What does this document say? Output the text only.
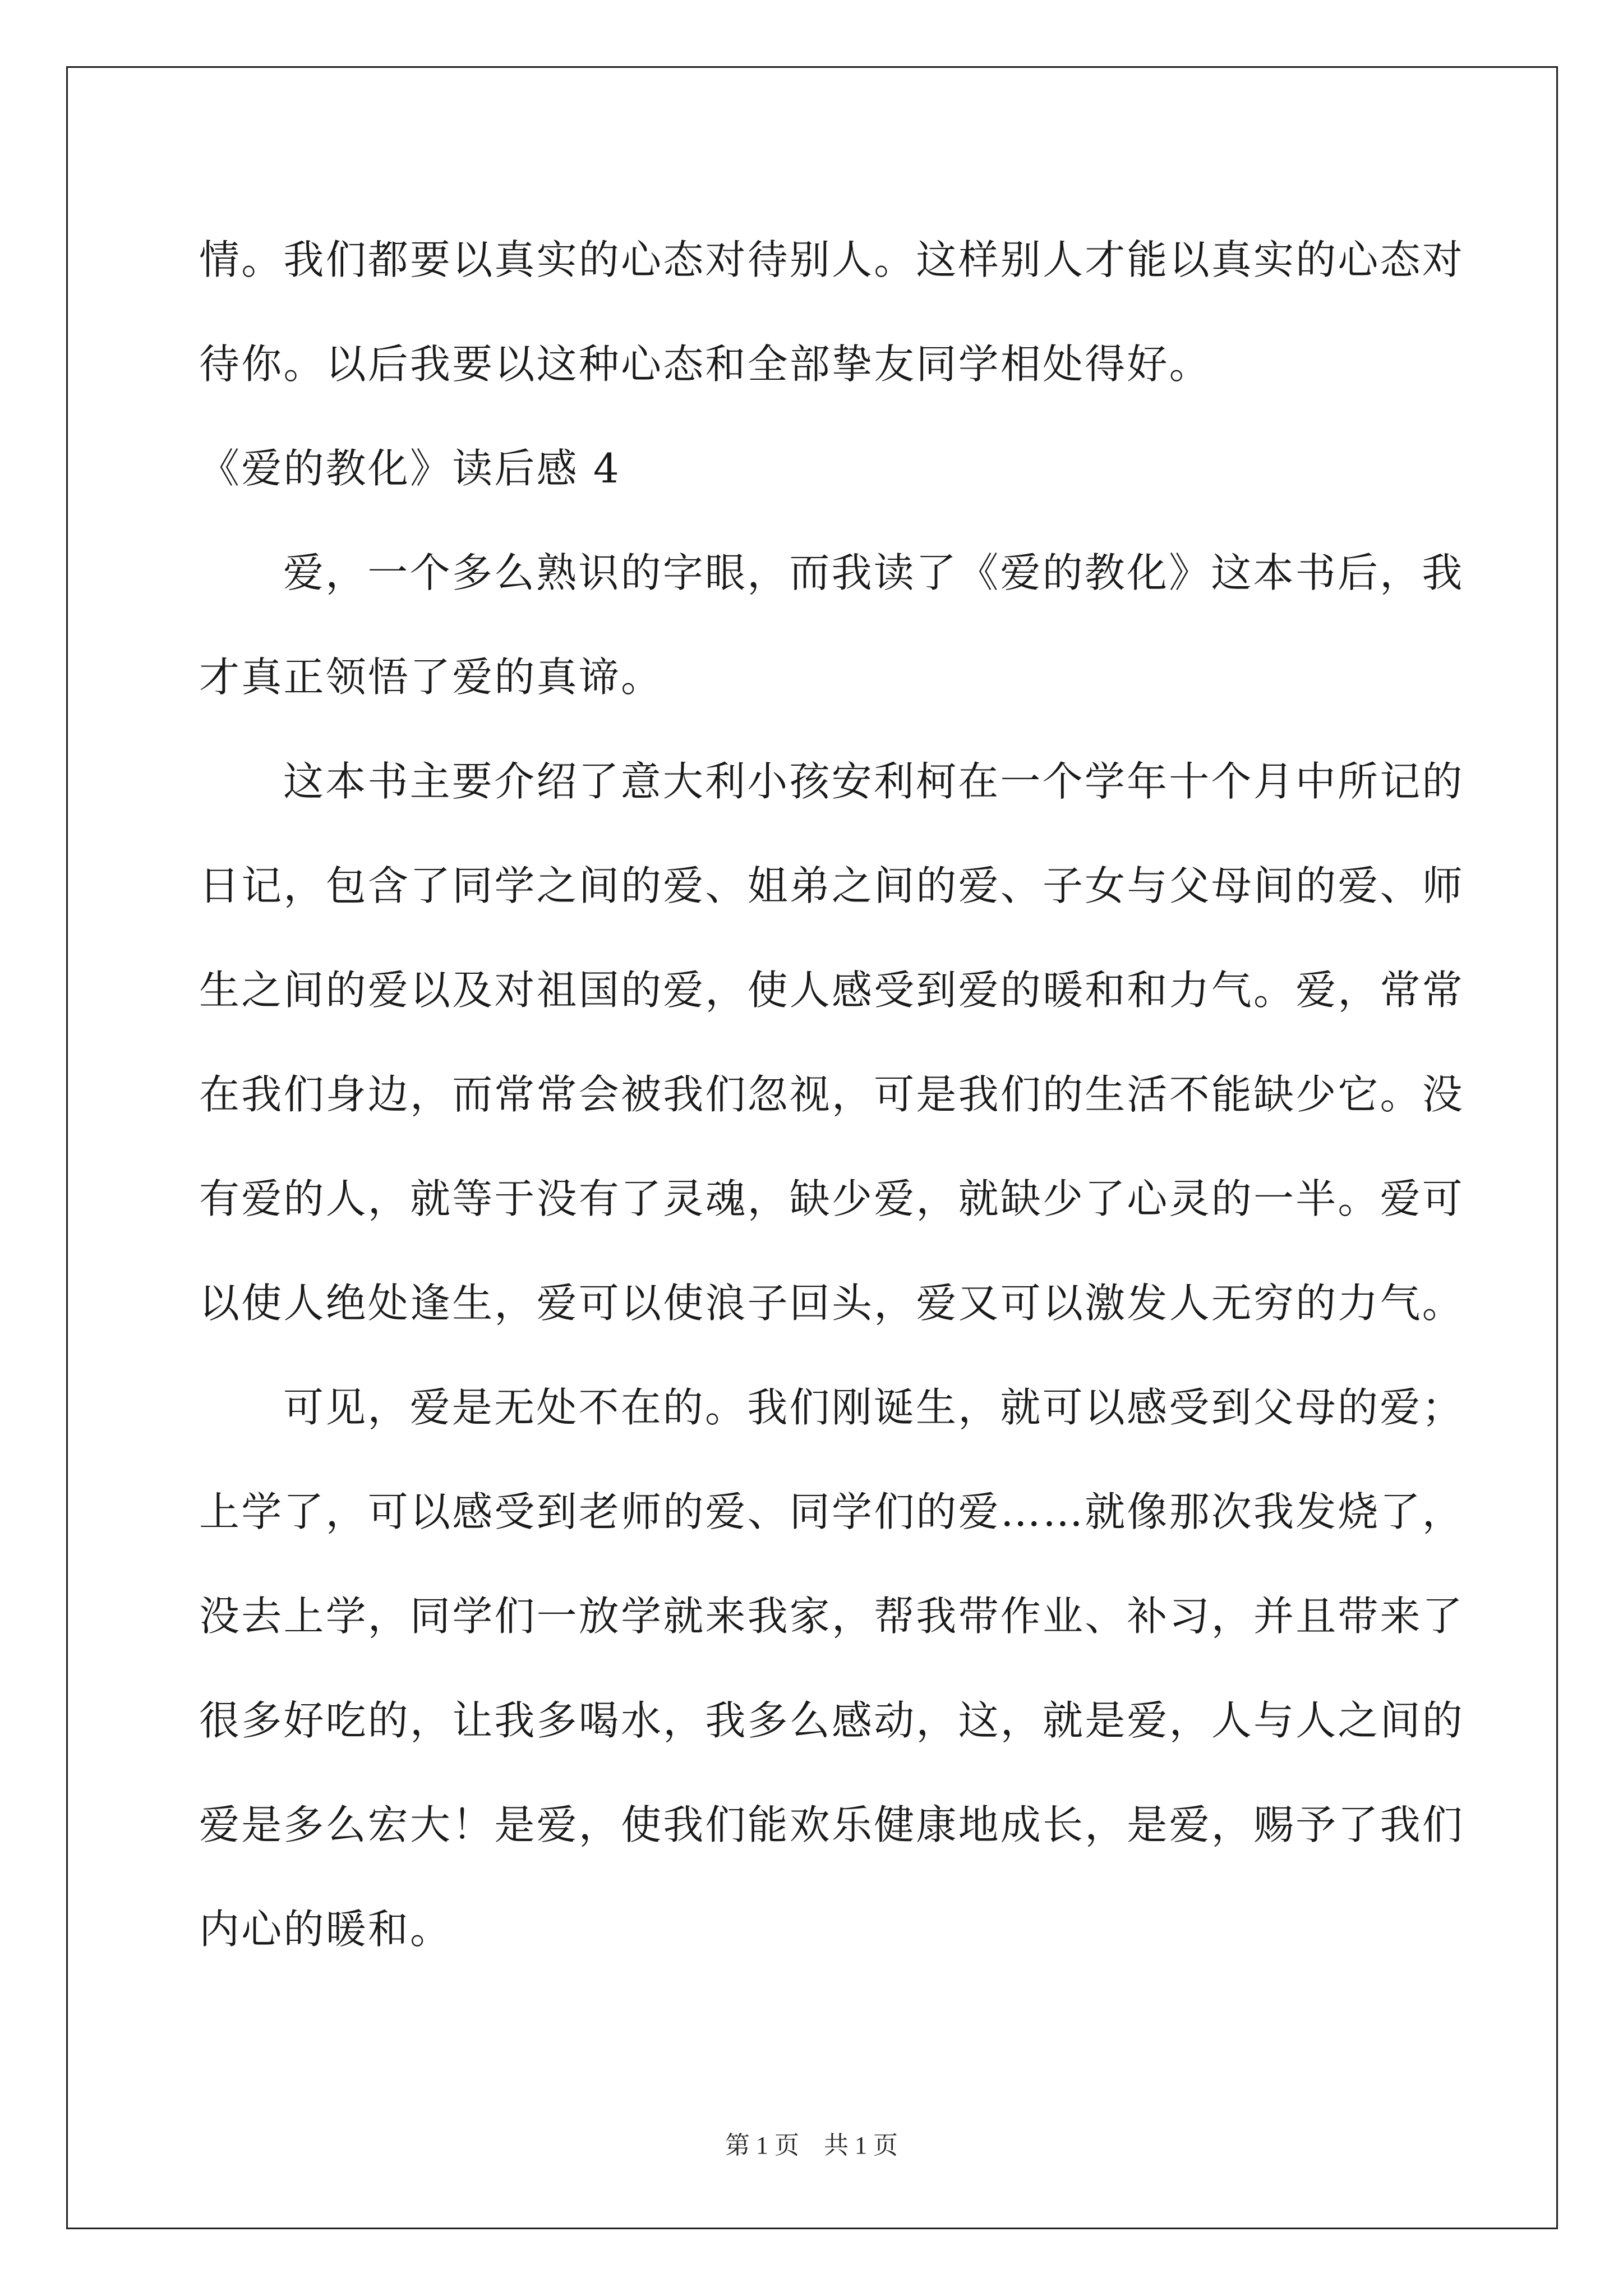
情。我们都要以真实的心态对待别人。这样别人才能以真实的心态对
待你。以后我要以这种心态和全部挚友同学相处得好。
《爱的教化》读后感 4
爱，一个多么熟识的字眼，而我读了《爱的教化》这本书后，我
才真正领悟了爱的真谛。
这本书主要介绍了意大利小孩安利柯在一个学年十个月中所记的
日记，包含了同学之间的爱、姐弟之间的爱、子女与父母间的爱、师
生之间的爱以及对祖国的爱，使人感受到爱的暖和和力气。爱，常常
在我们身边，而常常会被我们忽视，可是我们的生活不能缺少它。没
有爱的人，就等于没有了灵魂，缺少爱，就缺少了心灵的一半。爱可
以使人绝处逢生，爱可以使浪子回头，爱又可以激发人无穷的力气。
可见，爱是无处不在的。我们刚诞生，就可以感受到父母的爱；
上学了，可以感受到老师的爱、同学们的爱……就像那次我发烧了，
没去上学，同学们一放学就来我家，帮我带作业、补习，并且带来了
很多好吃的，让我多喝水，我多么感动，这，就是爱，人与人之间的
爱是多么宏大！是爱，使我们能欢乐健康地成长，是爱，赐予了我们
内心的暖和。
第 1 页　共 1 页
